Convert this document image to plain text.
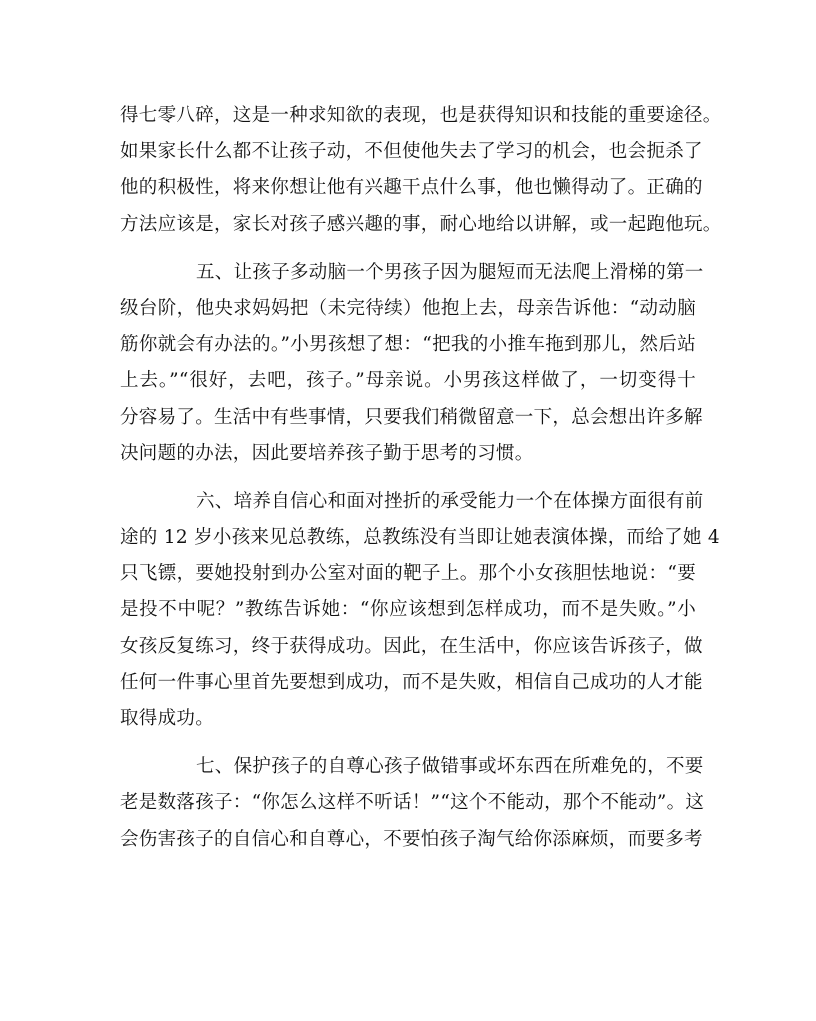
得七零八碎，这是一种求知欲的表现，也是获得知识和技能的重要途径。
如果家长什么都不让孩子动，不但使他失去了学习的机会，也会扼杀了
他的积极性，将来你想让他有兴趣干点什么事，他也懒得动了。正确的
方法应该是，家长对孩子感兴趣的事，耐心地给以讲解，或一起跑他玩。
五、让孩子多动脑一个男孩子因为腿短而无法爬上滑梯的第一
级台阶，他央求妈妈把（未完待续）他抱上去，母亲告诉他：“动动脑
筋你就会有办法的。”小男孩想了想：“把我的小推车拖到那儿，然后站
上去。”“很好，去吧，孩子。”母亲说。小男孩这样做了，一切变得十
分容易了。生活中有些事情，只要我们稍微留意一下，总会想出许多解
决问题的办法，因此要培养孩子勤于思考的习惯。
六、培养自信心和面对挫折的承受能力一个在体操方面很有前
途的 12 岁小孩来见总教练，总教练没有当即让她表演体操，而给了她 4
只飞镖，要她投射到办公室对面的靶子上。那个小女孩胆怯地说：“要
是投不中呢？”教练告诉她：“你应该想到怎样成功，而不是失败。”小
女孩反复练习，终于获得成功。因此，在生活中，你应该告诉孩子，做
任何一件事心里首先要想到成功，而不是失败，相信自己成功的人才能
取得成功。
七、保护孩子的自尊心孩子做错事或坏东西在所难免的，不要
老是数落孩子：“你怎么这样不听话！”“这个不能动，那个不能动”。这
会伤害孩子的自信心和自尊心，不要怕孩子淘气给你添麻烦，而要多考
